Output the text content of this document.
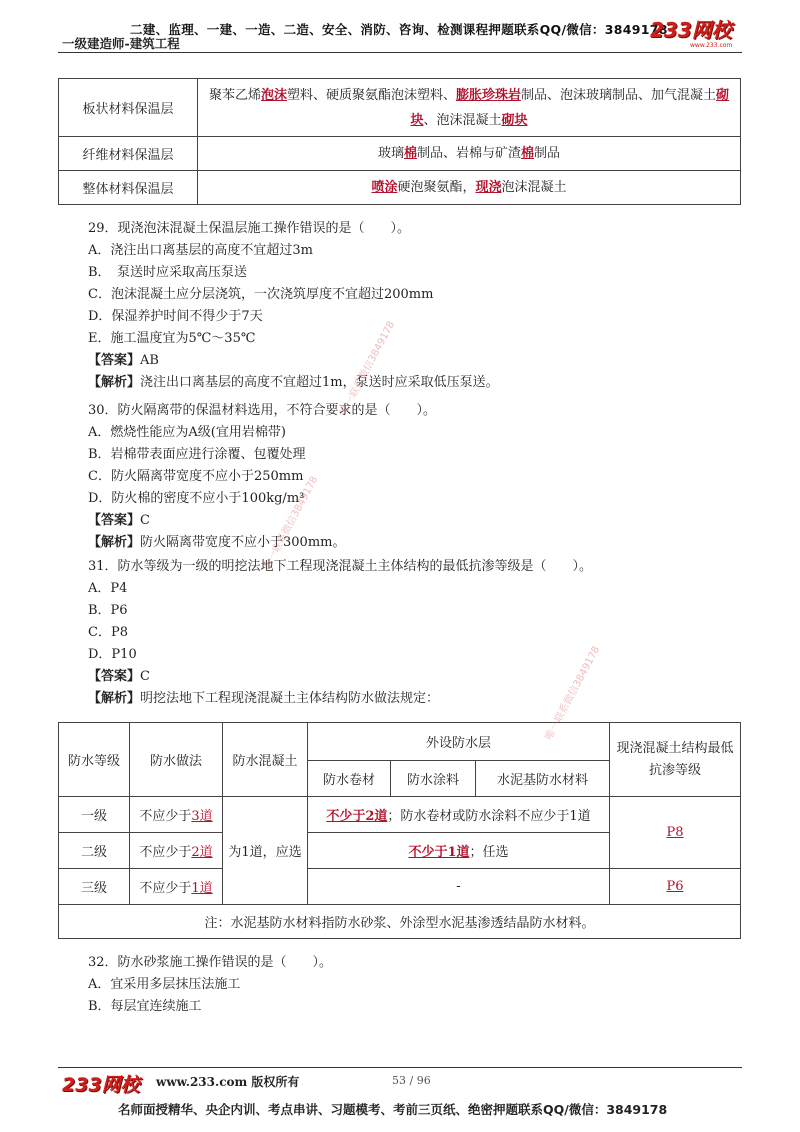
二建、监理、一建、一造、二造、安全、消防、咨询、检测课程押题联系QQ/微信：3849178
一级建造师-建筑工程
233网校
www.233.com
板状材料保温层	聚苯乙烯泡沫塑料、硬质聚氨酯泡沫塑料、膨胀珍珠岩制品、泡沫玻璃制品、加气混凝土砌块、泡沫混凝土砌块
纤维材料保温层	玻璃棉制品、岩棉与矿渣棉制品
整体材料保温层	喷涂硬泡聚氨酯，现浇泡沫混凝土
29．现浇泡沫混凝土保温层施工操作错误的是（　　）。
A．浇注出口离基层的高度不宜超过3m
B．　泵送时应采取高压泵送
C．泡沫混凝土应分层浇筑，一次浇筑厚度不宜超过200mm
D．保湿养护时间不得少于7天
E．施工温度宜为5℃～35℃
【答案】AB
【解析】浇注出口离基层的高度不宜超过1m，泵送时应采取低压泵送。
30．防火隔离带的保温材料选用，不符合要求的是（　　）。
A．燃烧性能应为A级(宜用岩棉带)
B．岩棉带表面应进行涂覆、包覆处理
C．防火隔离带宽度不应小于250mm
D．防火棉的密度不应小于100kg/m³
【答案】C
【解析】防火隔离带宽度不应小于300mm。
31．防水等级为一级的明挖法地下工程现浇混凝土主体结构的最低抗渗等级是（　　）。
A．P4
B．P6
C．P8
D．P10
【答案】C
【解析】明挖法地下工程现浇混凝土主体结构防水做法规定：
防水等级	防水做法	防水混凝土	外设防水层			现浇混凝土结构最低抗渗等级
			防水卷材	防水涂料	水泥基防水材料	
一级	不应少于3道	为1道，应选	不少于2道；防水卷材或防水涂料不应少于1道			P8
二级	不应少于2道		不少于1道；任选			
三级	不应少于1道		-			P6
注：水泥基防水材料指防水砂浆、外涂型水泥基渗透结晶防水材料。						
32．防水砂浆施工操作错误的是（　　）。
A．宜采用多层抹压法施工
B．每层宜连续施工
唯一联系微信3849178
唯一联系微信3849178
唯一联系微信3849178
233网校 www.233.com 版权所有	53 / 96
名师面授精华、央企内训、考点串讲、习题模考、考前三页纸、绝密押题联系QQ/微信：3849178
